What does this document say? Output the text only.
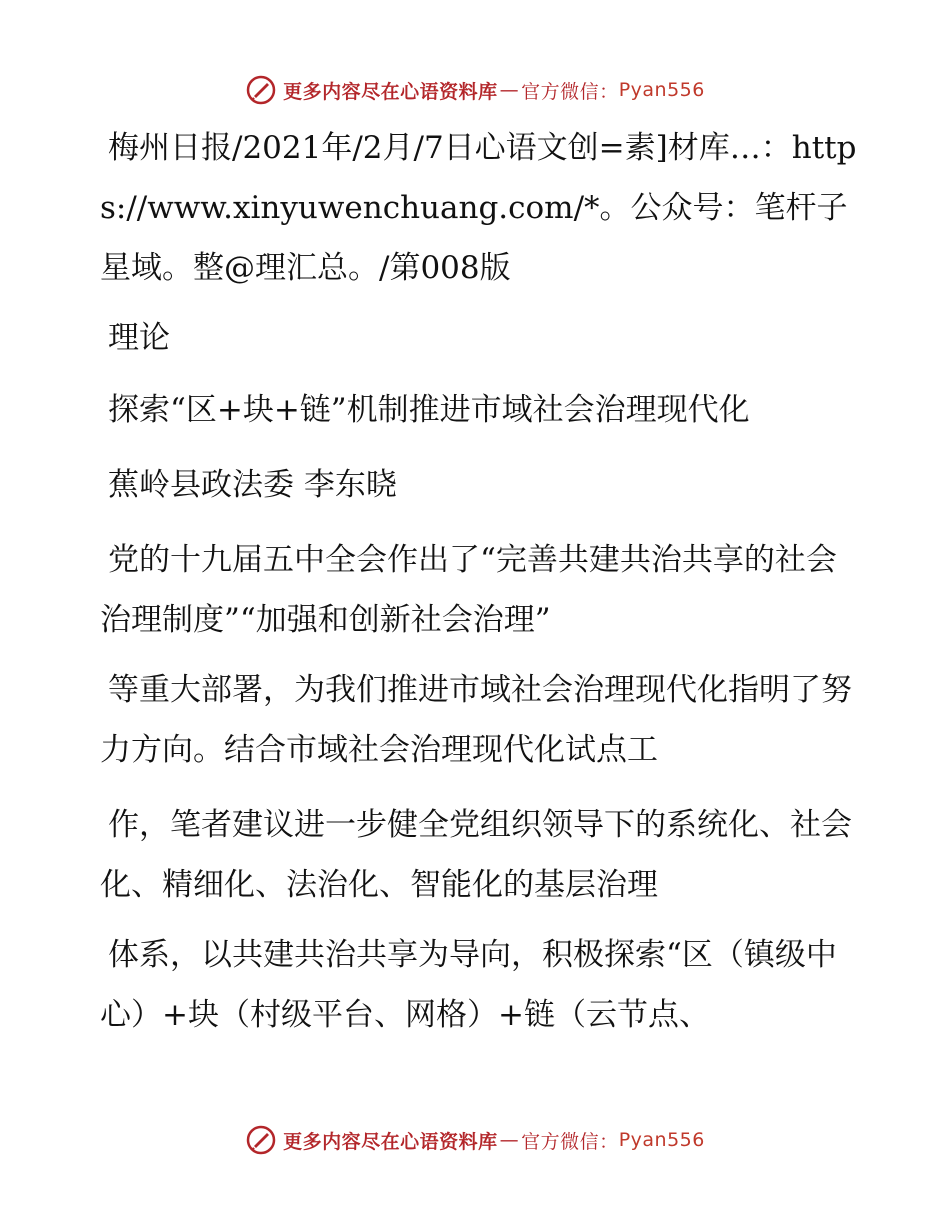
更多内容尽在心语资料库 — 官方微信： Pyan556
梅州日报/2021年/2月/7日心语文创=素]材库…：https://www.xinyuwenchuang.com/*。公众号：笔杆子星域。整@理汇总。/第008版
理论
探索“区+块+链”机制推进市域社会治理现代化
蕉岭县政法委 李东晓
党的十九届五中全会作出了“完善共建共治共享的社会治理制度”“加强和创新社会治理”
等重大部署，为我们推进市域社会治理现代化指明了努力方向。结合市域社会治理现代化试点工
作，笔者建议进一步健全党组织领导下的系统化、社会化、精细化、法治化、智能化的基层治理
体系，以共建共治共享为导向，积极探索“区（镇级中心）+块（村级平台、网格）+链（云节点、
更多内容尽在心语资料库 — 官方微信： Pyan556
